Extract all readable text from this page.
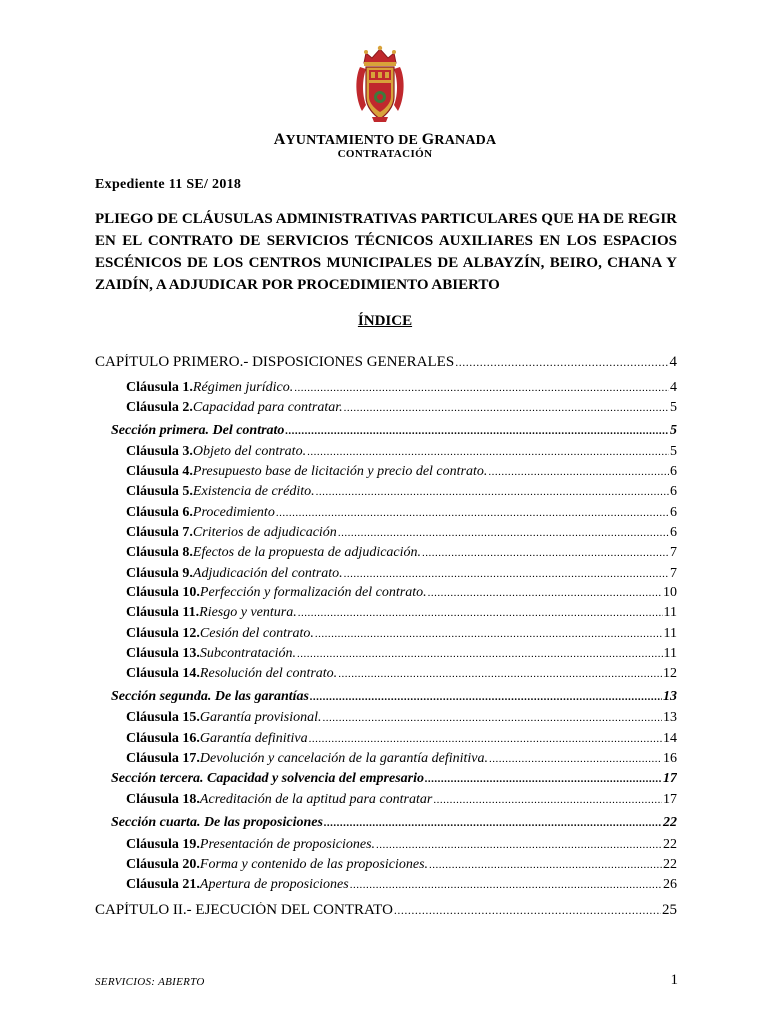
AYUNTAMIENTO DE GRANADA
CONTRATACIÓN
Expediente 11 SE/ 2018
PLIEGO DE CLÁUSULAS ADMINISTRATIVAS PARTICULARES QUE HA DE REGIR EN EL CONTRATO DE SERVICIOS TÉCNICOS AUXILIARES EN LOS ESPACIOS ESCÉNICOS DE LOS CENTROS MUNICIPALES DE ALBAYZÍN, BEIRO, CHANA Y ZAIDÍN, A ADJUDICAR POR PROCEDIMIENTO ABIERTO
ÍNDICE
CAPÍTULO PRIMERO.- DISPOSICIONES GENERALES .....	4
Cláusula 1. Régimen jurídico. .....	4
Cláusula 2. Capacidad para contratar. .....	5
Sección primera. Del contrato .....	5
Cláusula 3. Objeto del contrato. .....	5
Cláusula 4. Presupuesto base de licitación y precio del contrato. .....	6
Cláusula 5. Existencia de crédito. .....	6
Cláusula 6. Procedimiento .....	6
Cláusula 7. Criterios de adjudicación .....	6
Cláusula 8. Efectos de la propuesta de adjudicación. .....	7
Cláusula 9. Adjudicación del contrato. .....	7
Cláusula 10. Perfección y formalización del contrato. .....	10
Cláusula 11. Riesgo y ventura. .....	11
Cláusula 12. Cesión del contrato. .....	11
Cláusula 13. Subcontratación. .....	11
Cláusula 14. Resolución del contrato. .....	12
Sección segunda. De las garantías .....	13
Cláusula 15. Garantía provisional. .....	13
Cláusula 16. Garantía definitiva .....	14
Cláusula 17. Devolución y cancelación de la garantía definitiva. .....	16
Sección tercera. Capacidad y solvencia del empresario .....	17
Cláusula 18. Acreditación de la aptitud para contratar .....	17
Sección cuarta. De las proposiciones .....	22
Cláusula 19. Presentación de proposiciones. .....	22
Cláusula 20. Forma y contenido de las proposiciones. .....	22
Cláusula 21. Apertura de proposiciones .....	26
CAPÍTULO II.- EJECUCIÓN DEL CONTRATO .....	25
SERVICIOS: ABIERTO	1
